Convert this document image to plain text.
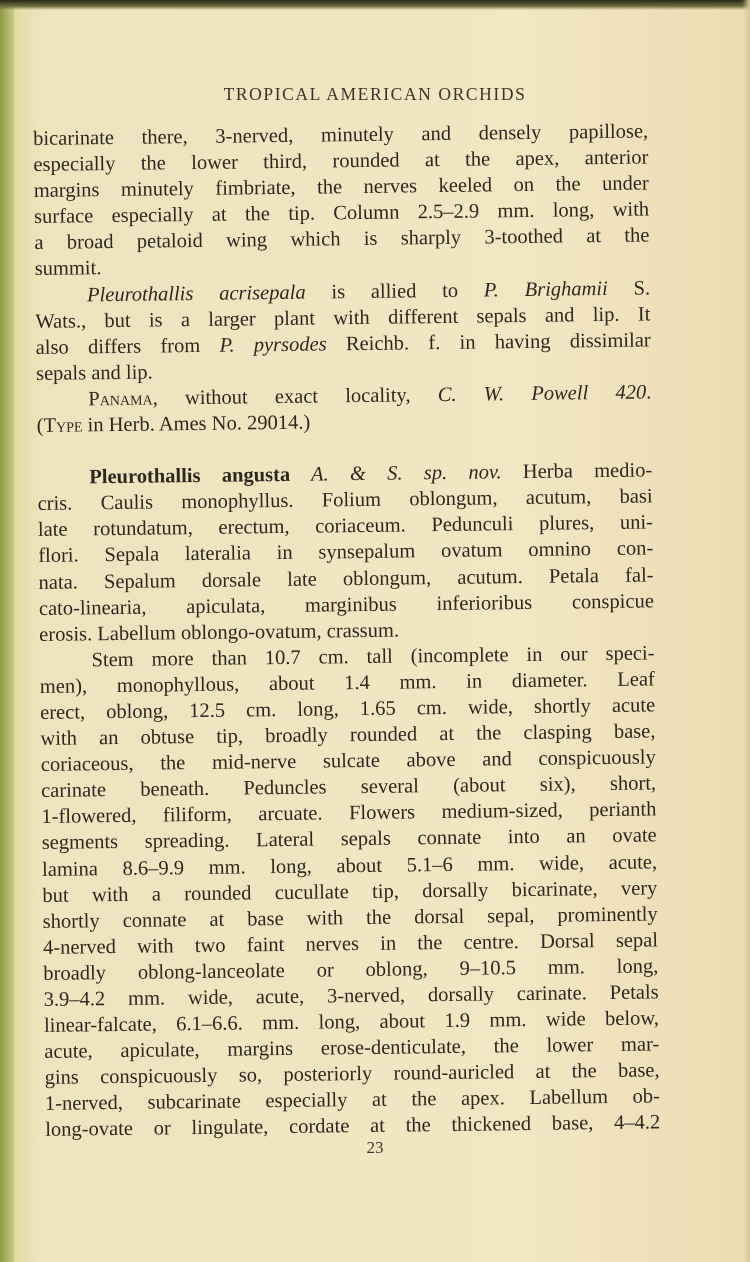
TROPICAL AMERICAN ORCHIDS
bicarinate there, 3-nerved, minutely and densely papillose,
especially the lower third, rounded at the apex, anterior
margins minutely fimbriate, the nerves keeled on the under
surface especially at the tip. Column 2.5–2.9 mm. long, with
a broad petaloid wing which is sharply 3-toothed at the
summit.
Pleurothallis acrisepala is allied to P. Brighamii S.
Wats., but is a larger plant with different sepals and lip. It
also differs from P. pyrsodes Reichb. f. in having dissimilar
sepals and lip.
Panama, without exact locality, C. W. Powell 420.
(Type in Herb. Ames No. 29014.)
Pleurothallis angusta A. & S. sp. nov. Herba medio-
cris. Caulis monophyllus. Folium oblongum, acutum, basi
late rotundatum, erectum, coriaceum. Pedunculi plures, uni-
flori. Sepala lateralia in synsepalum ovatum omnino con-
nata. Sepalum dorsale late oblongum, acutum. Petala fal-
cato-linearia, apiculata, marginibus inferioribus conspicue
erosis. Labellum oblongo-ovatum, crassum.
Stem more than 10.7 cm. tall (incomplete in our speci-
men), monophyllous, about 1.4 mm. in diameter. Leaf
erect, oblong, 12.5 cm. long, 1.65 cm. wide, shortly acute
with an obtuse tip, broadly rounded at the clasping base,
coriaceous, the mid-nerve sulcate above and conspicuously
carinate beneath. Peduncles several (about six), short,
1-flowered, filiform, arcuate. Flowers medium-sized, perianth
segments spreading. Lateral sepals connate into an ovate
lamina 8.6–9.9 mm. long, about 5.1–6 mm. wide, acute,
but with a rounded cucullate tip, dorsally bicarinate, very
shortly connate at base with the dorsal sepal, prominently
4-nerved with two faint nerves in the centre. Dorsal sepal
broadly oblong-lanceolate or oblong, 9–10.5 mm. long,
3.9–4.2 mm. wide, acute, 3-nerved, dorsally carinate. Petals
linear-falcate, 6.1–6.6. mm. long, about 1.9 mm. wide below,
acute, apiculate, margins erose-denticulate, the lower mar-
gins conspicuously so, posteriorly round-auricled at the base,
1-nerved, subcarinate especially at the apex. Labellum ob-
long-ovate or lingulate, cordate at the thickened base, 4–4.2
23
